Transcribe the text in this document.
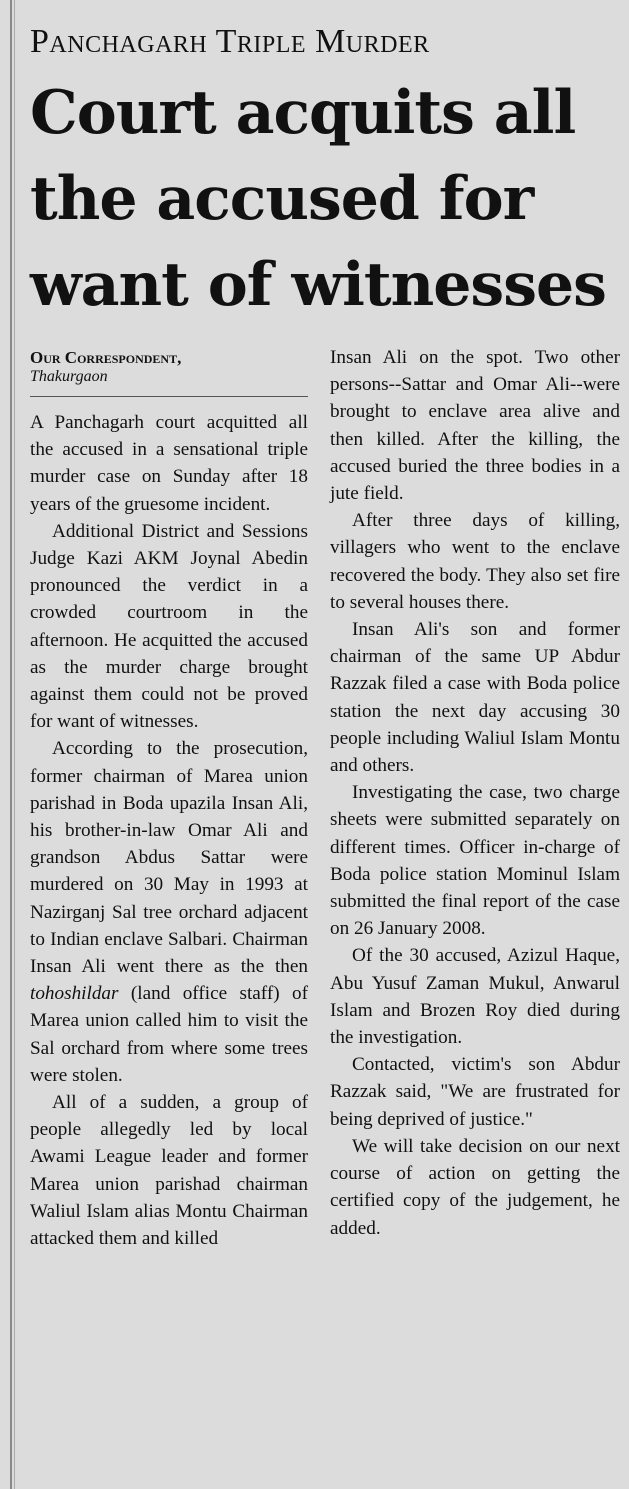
Panchagarh Triple Murder
Court acquits all the accused for want of witnesses
Our Correspondent,
Thakurgaon

A Panchagarh court acquitted all the accused in a sensational triple murder case on Sunday after 18 years of the gruesome incident.

Additional District and Sessions Judge Kazi AKM Joynal Abedin pronounced the verdict in a crowded courtroom in the afternoon. He acquitted the accused as the murder charge brought against them could not be proved for want of witnesses.

According to the prosecution, former chairman of Marea union parishad in Boda upazila Insan Ali, his brother-in-law Omar Ali and grandson Abdus Sattar were murdered on 30 May in 1993 at Nazirganj Sal tree orchard adjacent to Indian enclave Salbari. Chairman Insan Ali went there as the then tohoshildar (land office staff) of Marea union called him to visit the Sal orchard from where some trees were stolen.

All of a sudden, a group of people allegedly led by local Awami League leader and former Marea union parishad chairman Waliul Islam alias Montu Chairman attacked them and killed

Insan Ali on the spot. Two other persons--Sattar and Omar Ali--were brought to enclave area alive and then killed. After the killing, the accused buried the three bodies in a jute field.

After three days of killing, villagers who went to the enclave recovered the body. They also set fire to several houses there.

Insan Ali's son and former chairman of the same UP Abdur Razzak filed a case with Boda police station the next day accusing 30 people including Waliul Islam Montu and others.

Investigating the case, two charge sheets were submitted separately on different times. Officer in-charge of Boda police station Mominul Islam submitted the final report of the case on 26 January 2008.

Of the 30 accused, Azizul Haque, Abu Yusuf Zaman Mukul, Anwarul Islam and Brozen Roy died during the investigation.

Contacted, victim's son Abdur Razzak said, "We are frustrated for being deprived of justice."

We will take decision on our next course of action on getting the certified copy of the judgement, he added.
